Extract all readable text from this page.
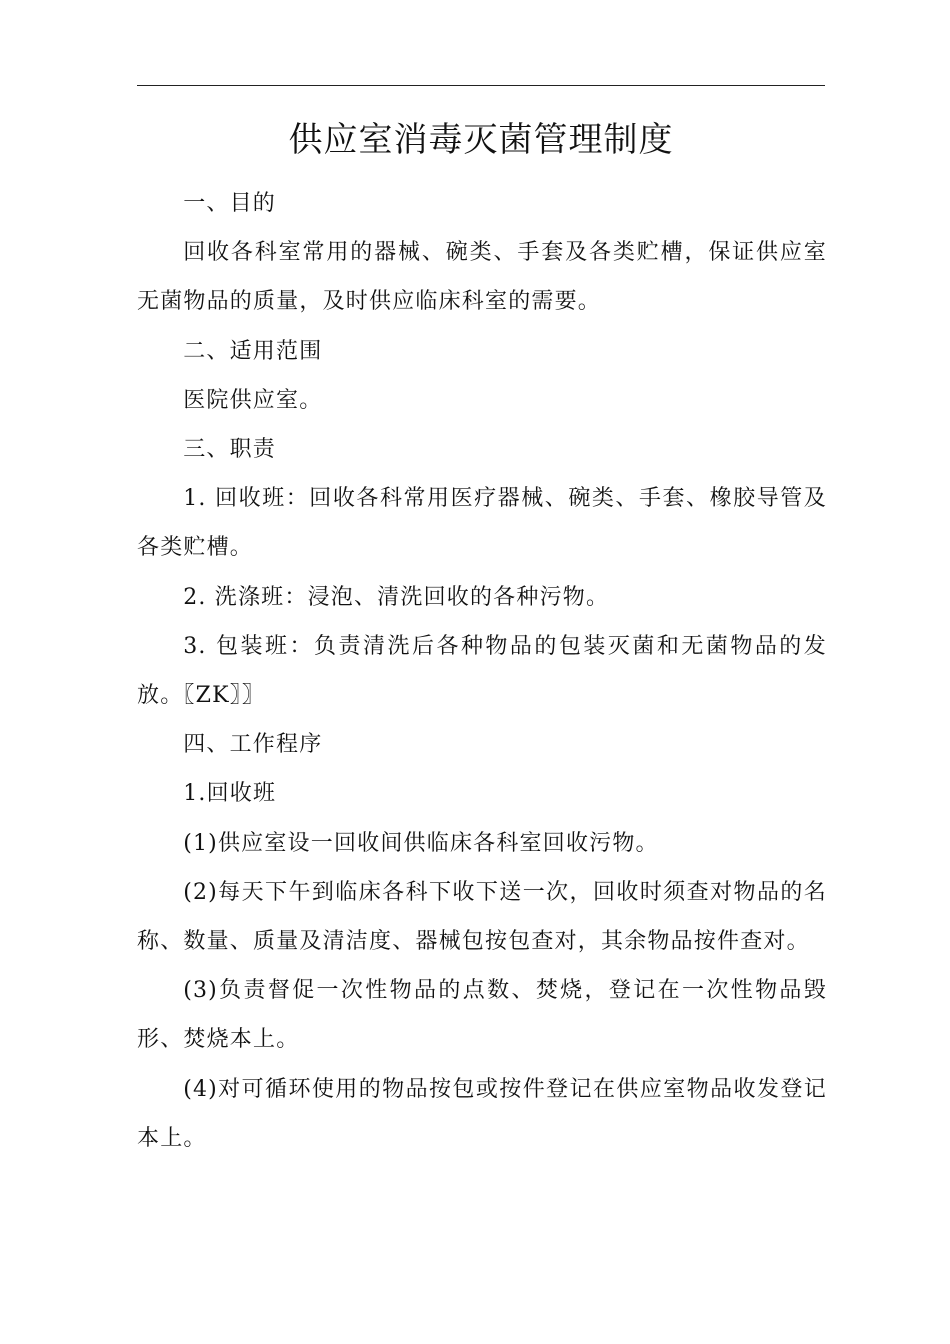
供应室消毒灭菌管理制度

一、目的

回收各科室常用的器械、碗类、手套及各类贮槽，保证供应室无菌物品的质量，及时供应临床科室的需要。

二、适用范围

医院供应室。

三、职责

1. 回收班：回收各科常用医疗器械、碗类、手套、橡胶导管及各类贮槽。

2. 洗涤班：浸泡、清洗回收的各种污物。

3. 包装班：负责清洗后各种物品的包装灭菌和无菌物品的发放。〖ZK〗〗

四、工作程序

1.回收班

(1)供应室设一回收间供临床各科室回收污物。

(2)每天下午到临床各科下收下送一次，回收时须查对物品的名称、数量、质量及清洁度、器械包按包查对，其余物品按件查对。

(3)负责督促一次性物品的点数、焚烧，登记在一次性物品毁形、焚烧本上。

(4)对可循环使用的物品按包或按件登记在供应室物品收发登记本上。
